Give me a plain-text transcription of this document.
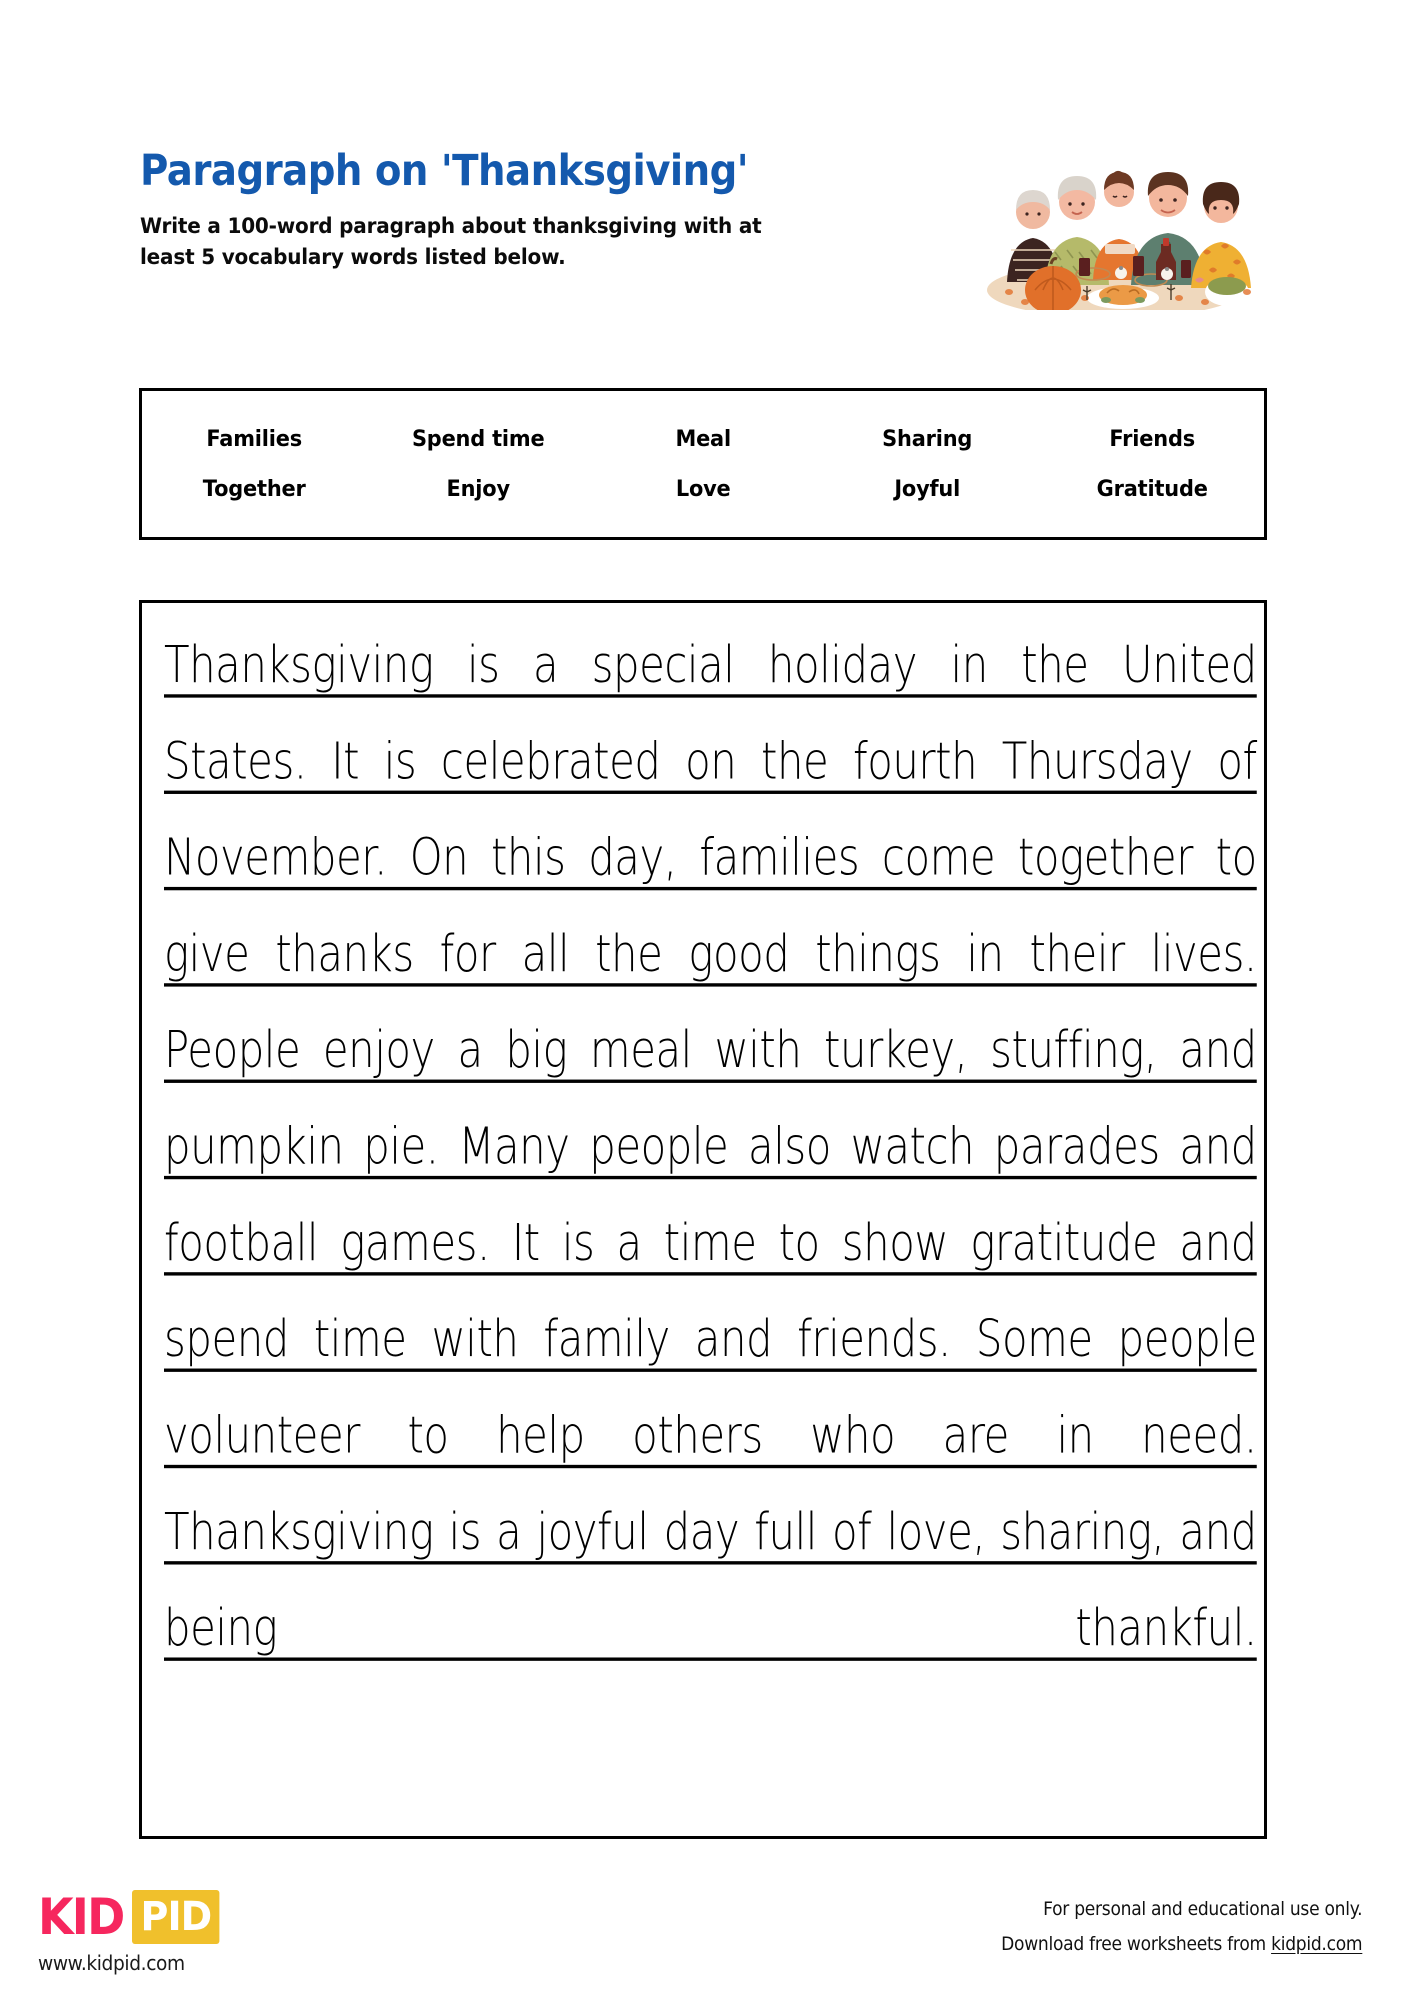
Paragraph on 'Thanksgiving'

Write a 100-word paragraph about thanksgiving with at least 5 vocabulary words listed below.

Families	Spend time	Meal	Sharing	Friends
Together	Enjoy	Love	Joyful	Gratitude

Thanksgiving is a special holiday in the United States. It is celebrated on the fourth Thursday of November. On this day, families come together to give thanks for all the good things in their lives. People enjoy a big meal with turkey, stuffing, and pumpkin pie. Many people also watch parades and football games. It is a time to show gratitude and spend time with family and friends. Some people volunteer to help others who are in need. Thanksgiving is a joyful day full of love, sharing, and being thankful.

KID PID
www.kidpid.com
For personal and educational use only.
Download free worksheets from kidpid.com
